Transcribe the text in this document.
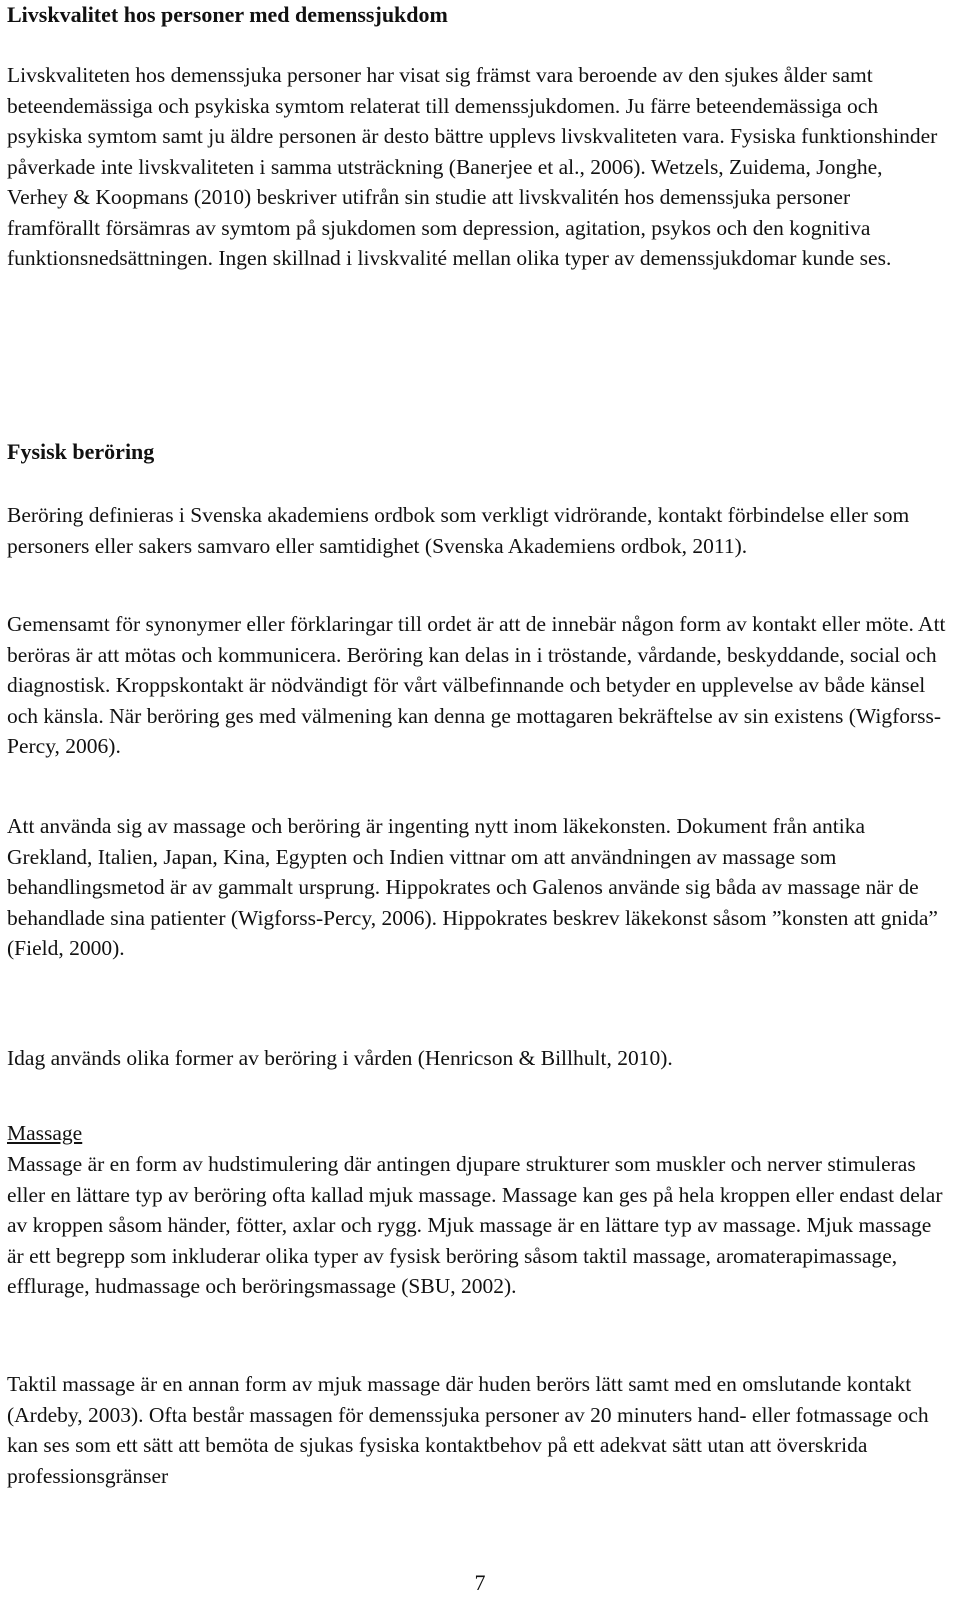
Livskvalitet hos personer med demenssjukdom

Livskvaliteten hos demenssjuka personer har visat sig främst vara beroende av den sjukes ålder samt beteendemässiga och psykiska symtom relaterat till demenssjukdomen. Ju färre beteendemässiga och psykiska symtom samt ju äldre personen är desto bättre upplevs livskvaliteten vara. Fysiska funktionshinder påverkade inte livskvaliteten i samma utsträckning (Banerjee et al., 2006). Wetzels, Zuidema, Jonghe, Verhey & Koopmans (2010) beskriver utifrån sin studie att livskvalitén hos demenssjuka personer framförallt försämras av symtom på sjukdomen som depression, agitation, psykos och den kognitiva funktionsnedsättningen. Ingen skillnad i livskvalité mellan olika typer av demenssjukdomar kunde ses.

Fysisk beröring

Beröring definieras i Svenska akademiens ordbok som verkligt vidrörande, kontakt förbindelse eller som personers eller sakers samvaro eller samtidighet (Svenska Akademiens ordbok, 2011).

Gemensamt för synonymer eller förklaringar till ordet är att de innebär någon form av kontakt eller möte. Att beröras är att mötas och kommunicera. Beröring kan delas in i tröstande, vårdande, beskyddande, social och diagnostisk. Kroppskontakt är nödvändigt för vårt välbefinnande och betyder en upplevelse av både känsel och känsla. När beröring ges med välmening kan denna ge mottagaren bekräftelse av sin existens (Wigforss-Percy, 2006).

Att använda sig av massage och beröring är ingenting nytt inom läkekonsten. Dokument från antika Grekland, Italien, Japan, Kina, Egypten och Indien vittnar om att användningen av massage som behandlingsmetod är av gammalt ursprung. Hippokrates och Galenos använde sig båda av massage när de behandlade sina patienter (Wigforss-Percy, 2006). Hippokrates beskrev läkekonst såsom ”konsten att gnida” (Field, 2000).

Idag används olika former av beröring i vården (Henricson & Billhult, 2010).

Massage

Massage är en form av hudstimulering där antingen djupare strukturer som muskler och nerver stimuleras eller en lättare typ av beröring ofta kallad mjuk massage. Massage kan ges på hela kroppen eller endast delar av kroppen såsom händer, fötter, axlar och rygg. Mjuk massage är en lättare typ av massage. Mjuk massage är ett begrepp som inkluderar olika typer av fysisk beröring såsom taktil massage, aromaterapimassage, efflurage, hudmassage och beröringsmassage (SBU, 2002).

Taktil massage är en annan form av mjuk massage där huden berörs lätt samt med en omslutande kontakt (Ardeby, 2003). Ofta består massagen för demenssjuka personer av 20 minuters hand- eller fotmassage och kan ses som ett sätt att bemöta de sjukas fysiska kontaktbehov på ett adekvat sätt utan att överskrida professionsgränser

7
